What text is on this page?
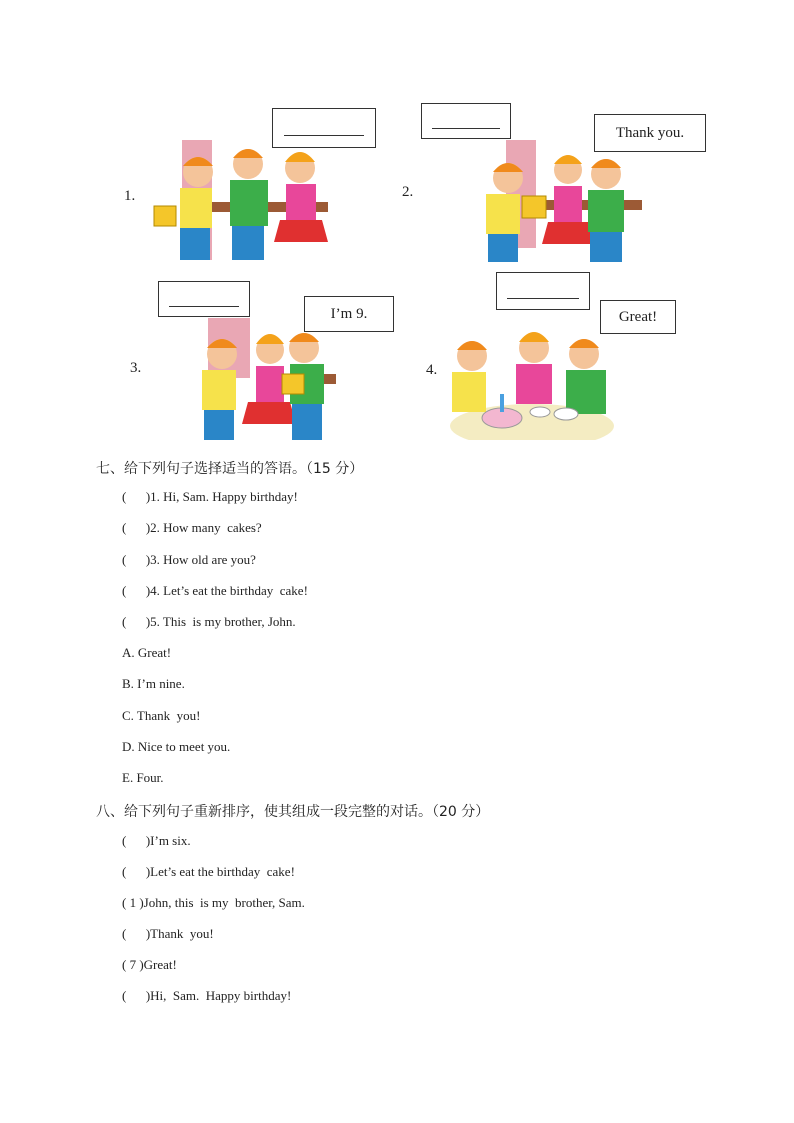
1.	2.
Thank you.
3.
I’m 9.
4.
Great!
七、给下列句子选择适当的答语。（15 分）
(      )1. Hi, Sam. Happy birthday!
(      )2. How many  cakes?
(      )3. How old are you?
(      )4. Let’s eat the birthday  cake!
(      )5. This  is my brother, John.
A. Great!
B. I’m nine.
C. Thank  you!
D. Nice to meet you.
E. Four.
八、给下列句子重新排序，使其组成一段完整的对话。（20 分）
(      )I’m six.
(      )Let’s eat the birthday  cake!
( 1 )John, this  is my  brother, Sam.
(      )Thank  you!
( 7 )Great!
(      )Hi,  Sam.  Happy birthday!
